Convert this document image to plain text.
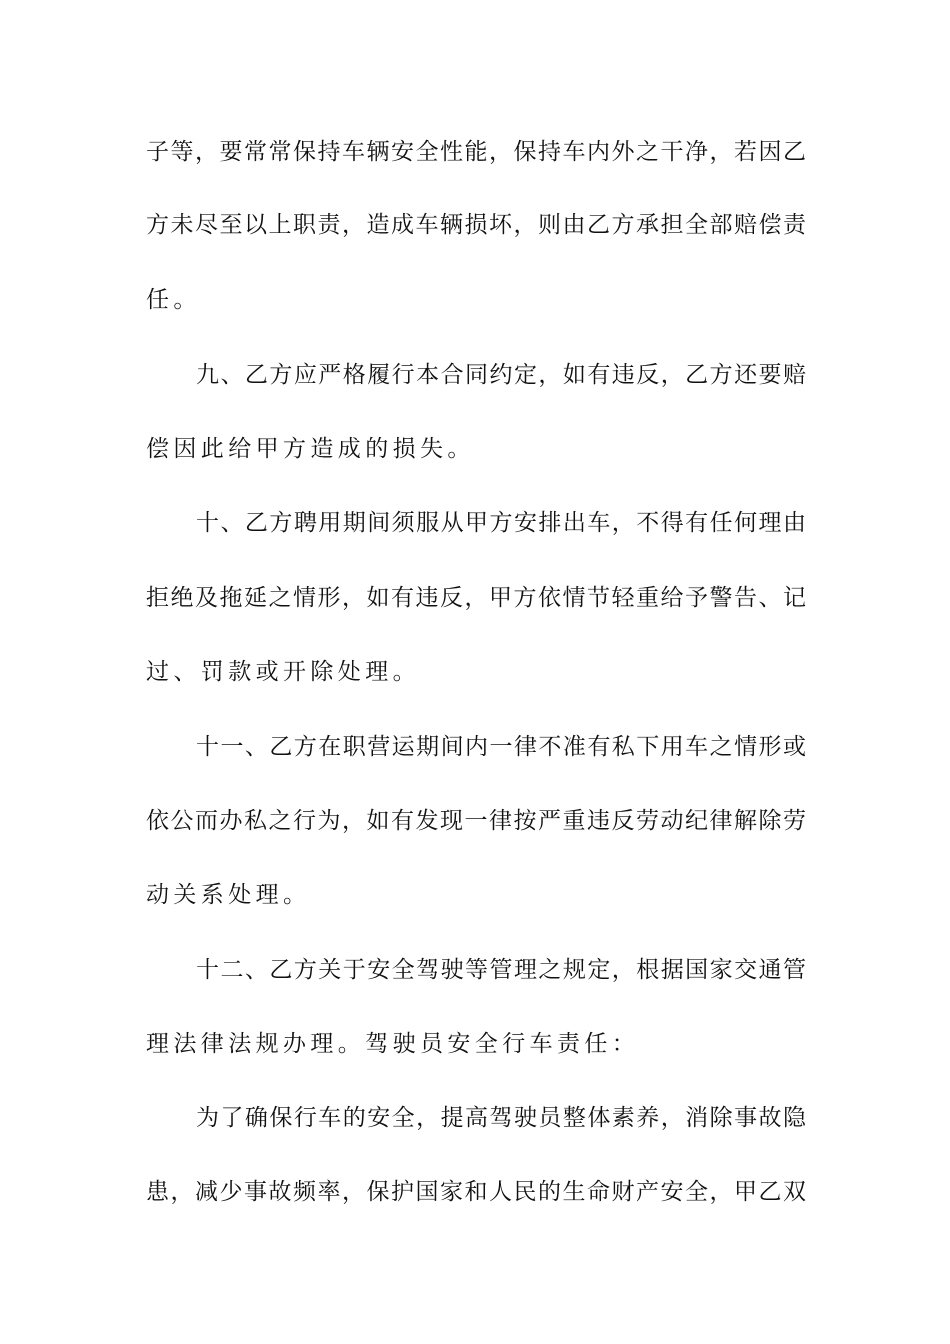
子等，要常常保持车辆安全性能，保持车内外之干净，若因乙
方未尽至以上职责，造成车辆损坏，则由乙方承担全部赔偿责
任。
九、乙方应严格履行本合同约定，如有违反，乙方还要赔
偿因此给甲方造成的损失。
十、乙方聘用期间须服从甲方安排出车，不得有任何理由
拒绝及拖延之情形，如有违反，甲方依情节轻重给予警告、记
过、罚款或开除处理。
十一、乙方在职营运期间内一律不准有私下用车之情形或
依公而办私之行为，如有发现一律按严重违反劳动纪律解除劳
动关系处理。
十二、乙方关于安全驾驶等管理之规定，根据国家交通管
理法律法规办理。驾驶员安全行车责任：
为了确保行车的安全，提高驾驶员整体素养，消除事故隐
患，减少事故频率，保护国家和人民的生命财产安全，甲乙双
